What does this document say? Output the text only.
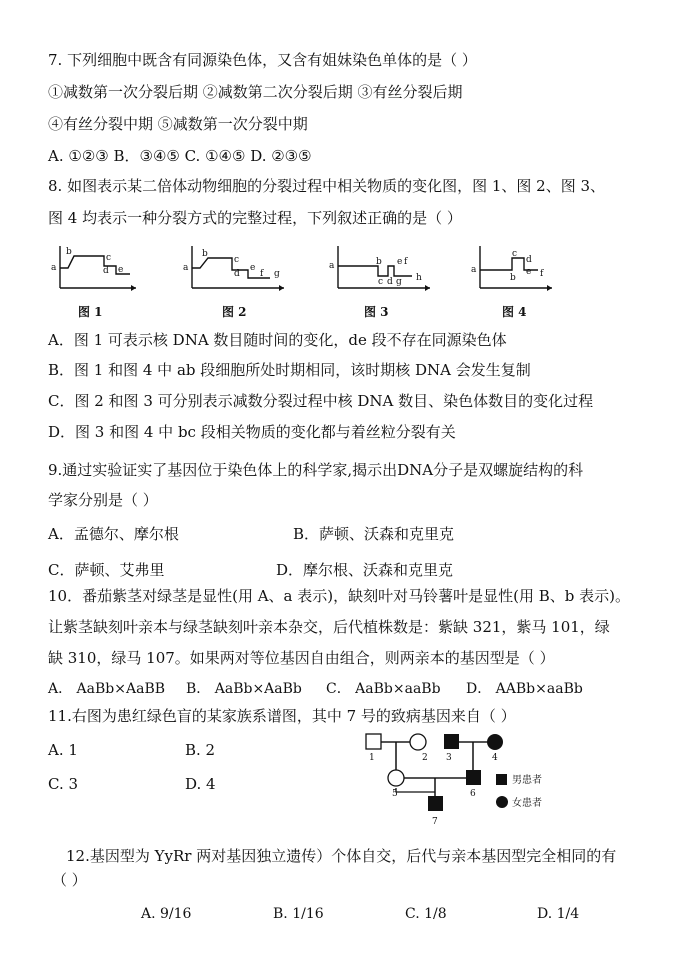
7. 下列细胞中既含有同源染色体，又含有姐妹染色单体的是（ ）
①减数第一次分裂后期 ②减数第二次分裂后期 ③有丝分裂后期
④有丝分裂中期 ⑤减数第一次分裂中期
A. ①②③ B．③④⑤ C. ①④⑤ D. ②③⑤
8. 如图表示某二倍体动物细胞的分裂过程中相关物质的变化图，图 1、图 2、图 3、
图 4 均表示一种分裂方式的完整过程，下列叙述正确的是（ ）
a
b
c
d e
图 1
a
b
c
d
e
f g
图 2
a	b
c d g
e f
h
图 3
a
b
c
d
e f
图 4
A．图 1 可表示核 DNA 数目随时间的变化，de 段不存在同源染色体
B．图 1 和图 4 中 ab 段细胞所处时期相同，该时期核 DNA 会发生复制
C．图 2 和图 3 可分别表示减数分裂过程中核 DNA 数目、染色体数目的变化过程
D．图 3 和图 4 中 bc 段相关物质的变化都与着丝粒分裂有关
9.通过实验证实了基因位于染色体上的科学家,揭示出DNA分子是双螺旋结构的科
学家分别是（ ）
A．孟德尔、摩尔根	B．萨顿、沃森和克里克
C．萨顿、艾弗里	D．摩尔根、沃森和克里克
10．番茄紫茎对绿茎是显性(用 A、a 表示)，缺刻叶对马铃薯叶是显性(用 B、b 表示)。
让紫茎缺刻叶亲本与绿茎缺刻叶亲本杂交，后代植株数是：紫缺 321，紫马 101，绿
缺 310，绿马 107。如果两对等位基因自由组合，则两亲本的基因型是（ ）
A． AaBb×AaBB B． AaBb×AaBb C． AaBb×aaBb D． AABb×aaBb
11.右图为患红绿色盲的某家族系谱图，其中 7 号的致病基因来自（ ）
A. 1	B. 2
C. 3	D. 4
1	2 3	4
5	6
7
男患者
女患者
12.基因型为 YyRr 两对基因独立遗传）个体自交，后代与亲本基因型完全相同的有
（ ）
A. 9/16	B. 1/16	C. 1/8	D. 1/4
